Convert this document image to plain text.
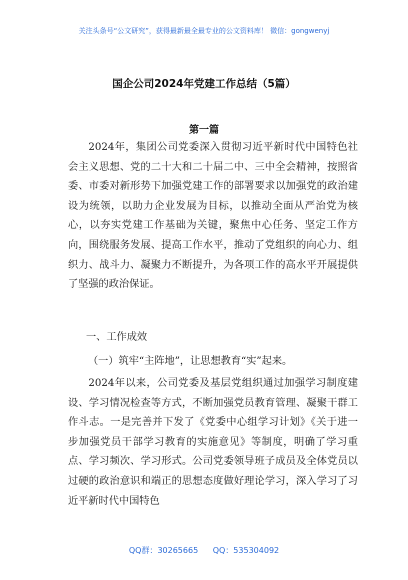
关注头条号“公文研究”，获得最新最全最专业的公文资料库！ 微信：gongwenyj
国企公司2024年党建工作总结（5篇）
第一篇
2024年，集团公司党委深入贯彻习近平新时代中国特色社会主义思想、党的二十大和二十届二中、三中全会精神，按照省委、市委对新形势下加强党建工作的部署要求以加强党的政治建设为统领，以助力企业发展为目标，以推动全面从严治党为核心，以夯实党建工作基础为关键，聚焦中心任务、坚定工作方向，围绕服务发展、提高工作水平，推动了党组织的向心力、组织力、战斗力、凝聚力不断提升，为各项工作的高水平开展提供了坚强的政治保证。
一、工作成效
（一）筑牢“主阵地”，让思想教育“实”起来。
2024年以来，公司党委及基层党组织通过加强学习制度建设、学习情况检查等方式，不断加强党员教育管理、凝聚干群工作斗志。一是完善并下发了《党委中心组学习计划》《关于进一步加强党员干部学习教育的实施意见》等制度，明确了学习重点、学习频次、学习形式。公司党委领导班子成员及全体党员以过硬的政治意识和端正的思想态度做好理论学习，深入学习了习近平新时代中国特色
QQ群：30265665 QQ：535304092
